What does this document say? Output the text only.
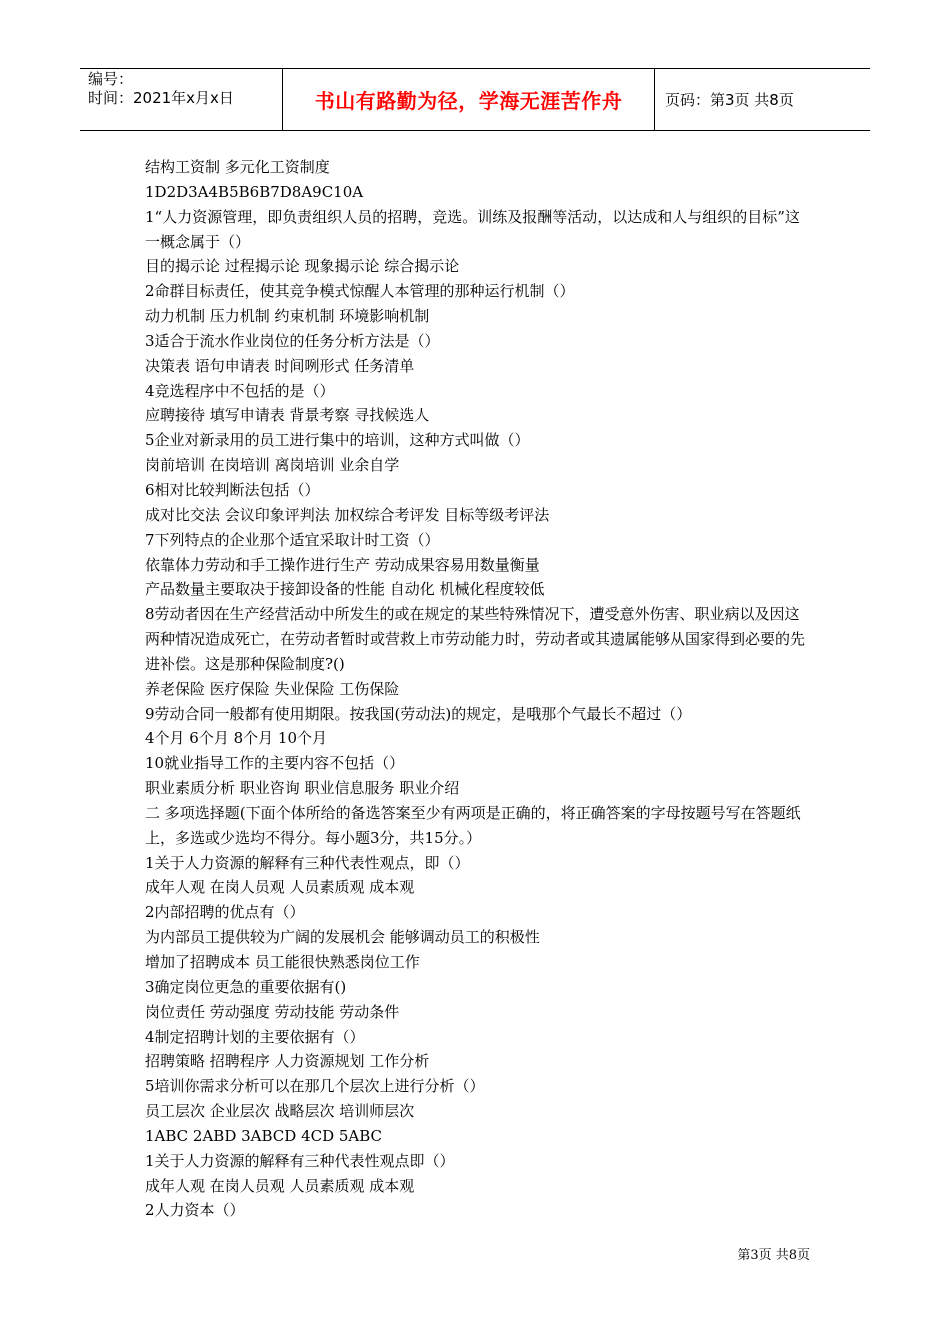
编号：
时间：2021年x月x日	书山有路勤为径，学海无涯苦作舟	页码：第3页 共8页

结构工资制 多元化工资制度

1D2D3A4B5B6B7D8A9C10A

1“人力资源管理，即负责组织人员的招聘，竞选。训练及报酬等活动，以达成和人与组织的目标”这一概念属于（）

目的揭示论 过程揭示论 现象揭示论 综合揭示论

2命群目标责任，使其竞争模式惊醒人本管理的那种运行机制（）

动力机制 压力机制 约束机制 环境影响机制

3适合于流水作业岗位的任务分析方法是（）

决策表 语句申请表 时间咧形式 任务清单

4竞选程序中不包括的是（）

应聘接待 填写申请表 背景考察 寻找候选人

5企业对新录用的员工进行集中的培训，这种方式叫做（）

岗前培训 在岗培训 离岗培训 业余自学

6相对比较判断法包括（）

成对比交法 会议印象评判法 加权综合考评发 目标等级考评法

7下列特点的企业那个适宜采取计时工资（）

依靠体力劳动和手工操作进行生产 劳动成果容易用数量衡量

产品数量主要取决于接卸设备的性能 自动化 机械化程度较低

8劳动者因在生产经营活动中所发生的或在规定的某些特殊情况下，遭受意外伤害、职业病以及因这两种情况造成死亡，在劳动者暂时或营救上市劳动能力时，劳动者或其遗属能够从国家得到必要的先进补偿。这是那种保险制度?()

养老保险 医疗保险 失业保险 工伤保险

9劳动合同一般都有使用期限。按我国(劳动法)的规定，是哦那个气最长不超过（）

4个月 6个月 8个月 10个月

10就业指导工作的主要内容不包括（）

职业素质分析 职业咨询 职业信息服务 职业介绍

二 多项选择题(下面个体所给的备选答案至少有两项是正确的，将正确答案的字母按题号写在答题纸上，多选或少选均不得分。每小题3分，共15分。）

1关于人力资源的解释有三种代表性观点，即（）

成年人观 在岗人员观 人员素质观 成本观

2内部招聘的优点有（）

为内部员工提供较为广阔的发展机会 能够调动员工的积极性

增加了招聘成本 员工能很快熟悉岗位工作

3确定岗位更急的重要依据有()

岗位责任 劳动强度 劳动技能 劳动条件

4制定招聘计划的主要依据有（）

招聘策略 招聘程序 人力资源规划 工作分析

5培训你需求分析可以在那几个层次上进行分析（）

员工层次 企业层次 战略层次 培训师层次

1ABC 2ABD 3ABCD 4CD 5ABC

1关于人力资源的解释有三种代表性观点即（）

成年人观 在岗人员观 人员素质观 成本观

2人力资本（）

第3页 共8页
